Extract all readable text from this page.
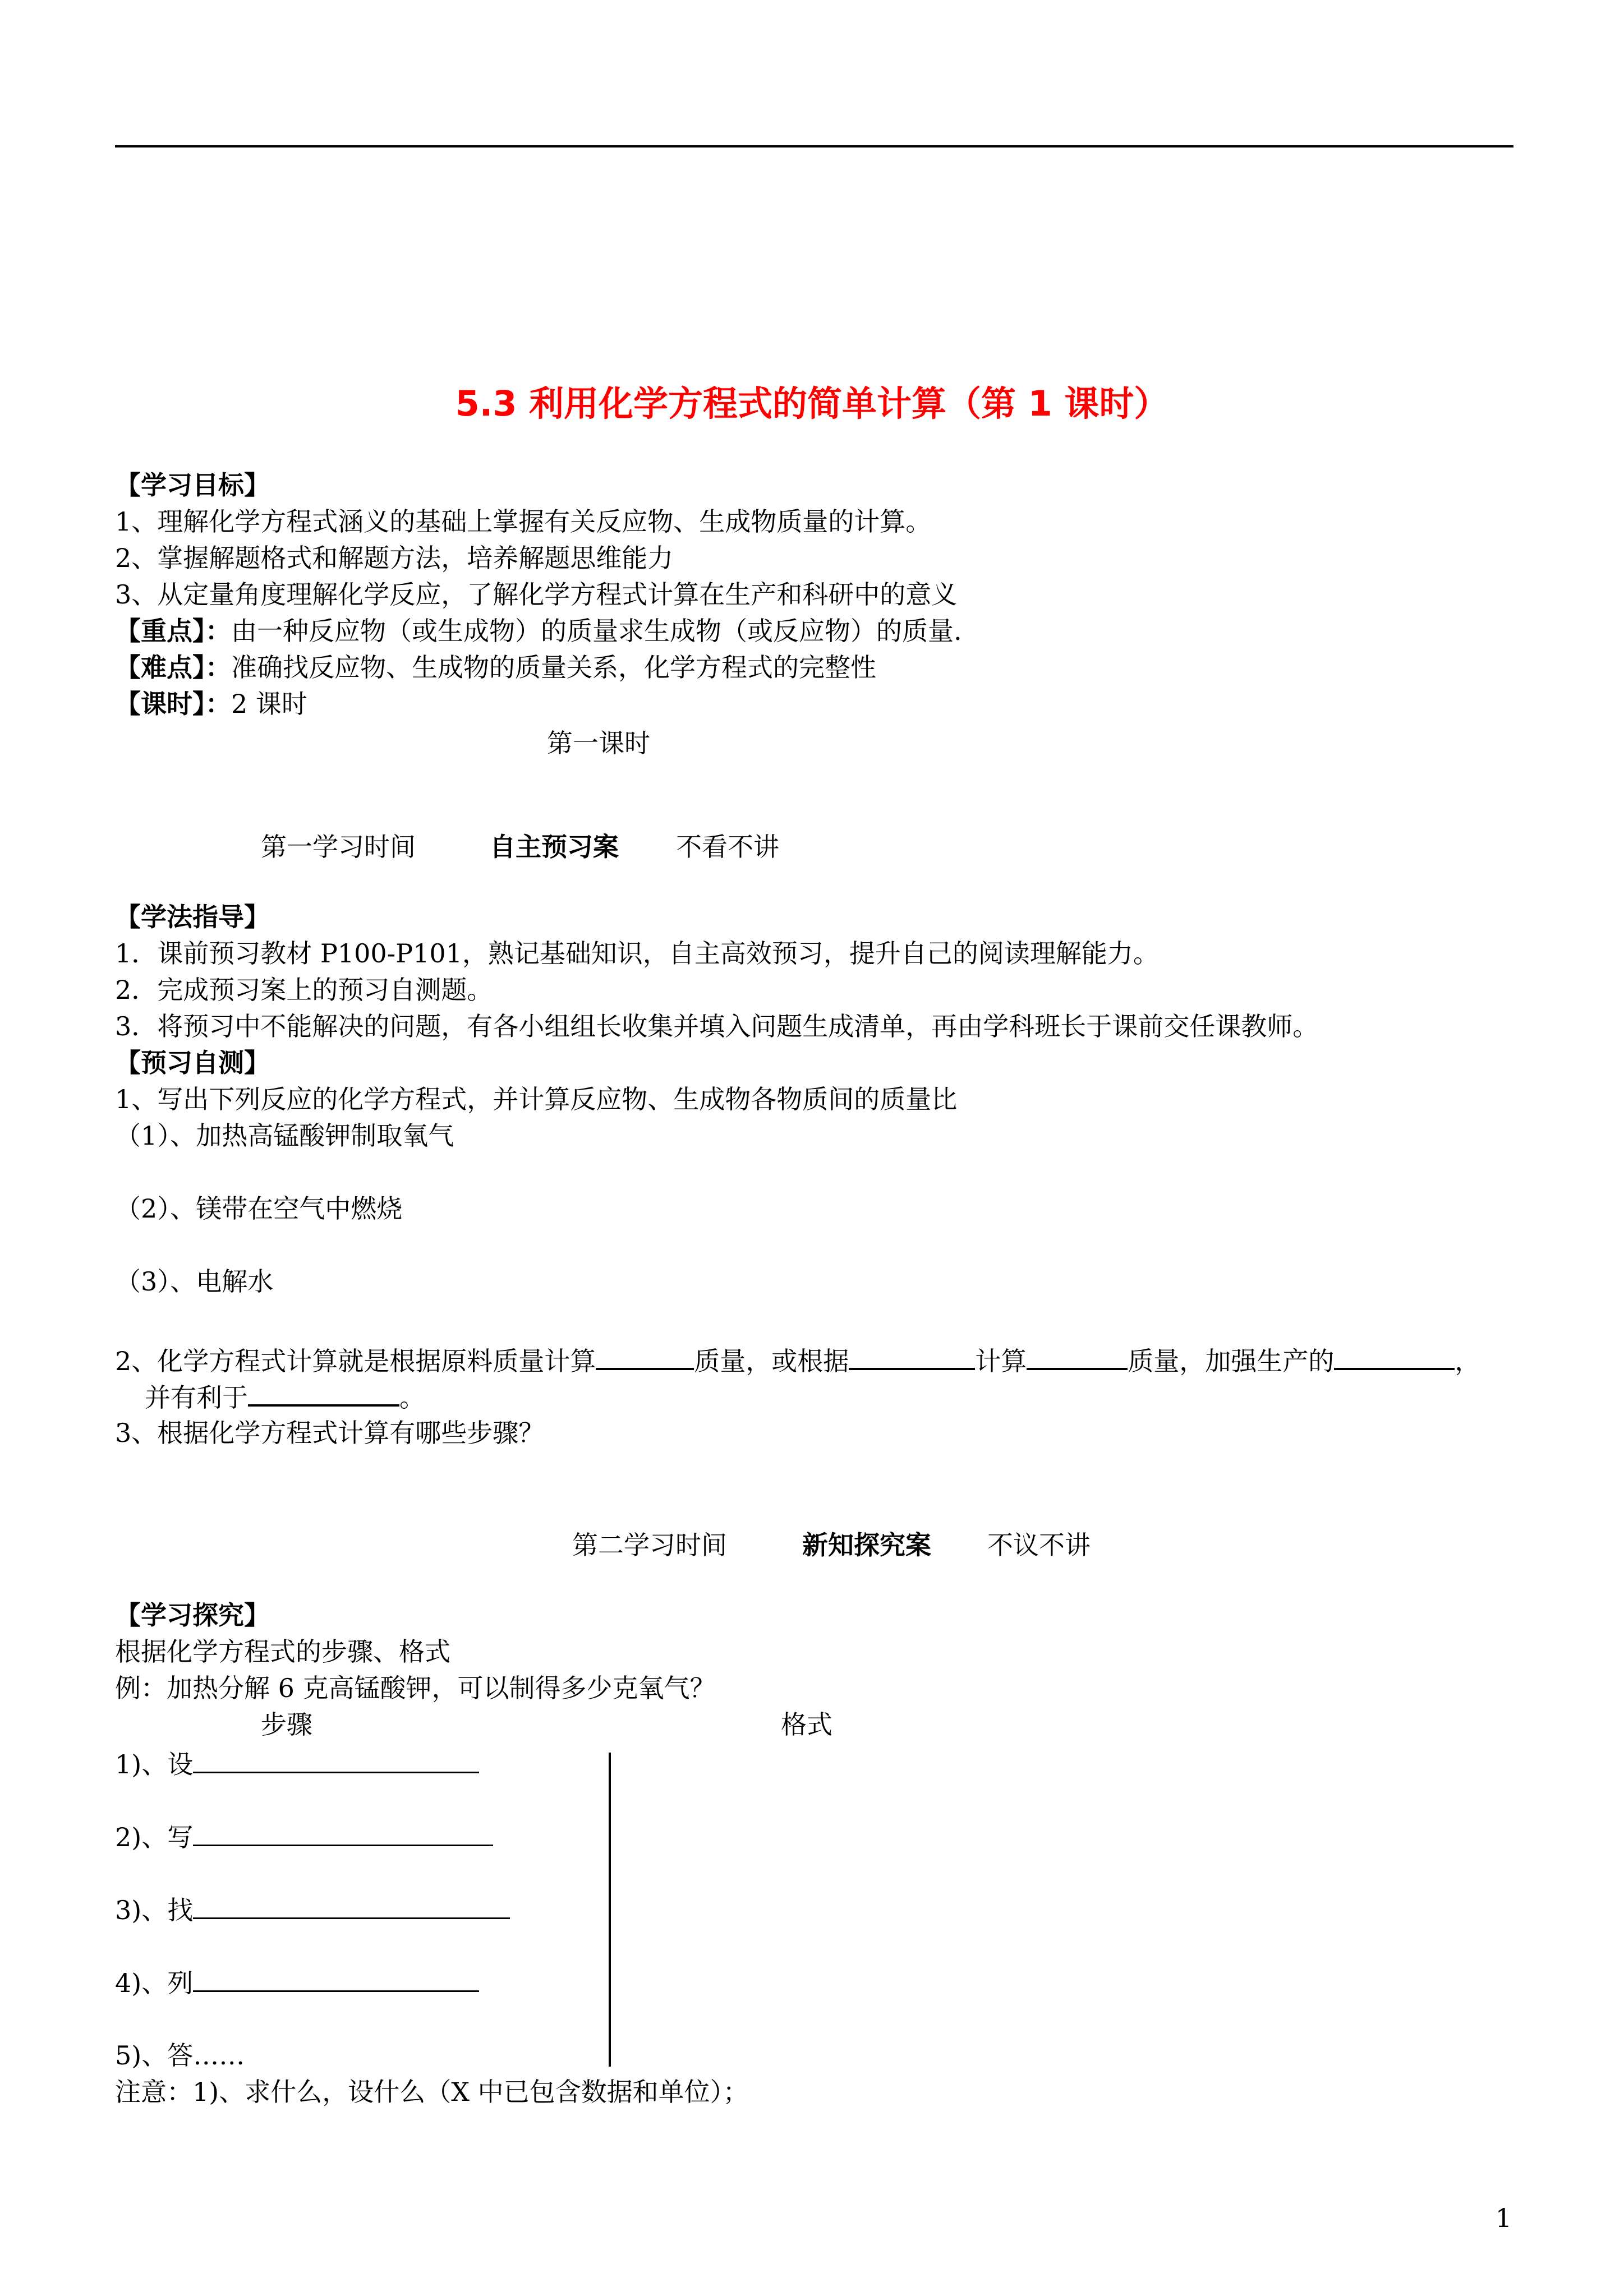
5.3 利用化学方程式的简单计算（第 1 课时）
【学习目标】
1、理解化学方程式涵义的基础上掌握有关反应物、生成物质量的计算。
2、掌握解题格式和解题方法，培养解题思维能力
3、从定量角度理解化学反应，了解化学方程式计算在生产和科研中的意义
【重点】：由一种反应物（或生成物）的质量求生成物（或反应物）的质量.
【难点】：准确找反应物、生成物的质量关系，化学方程式的完整性
【课时】：2 课时
第一课时
第一学习时间	自主预习案 不看不讲
【学法指导】
1．课前预习教材 P100-P101，熟记基础知识，自主高效预习，提升自己的阅读理解能力。
2．完成预习案上的预习自测题。
3．将预习中不能解决的问题，有各小组组长收集并填入问题生成清单，再由学科班长于课前交任课教师。
【预习自测】
1、写出下列反应的化学方程式，并计算反应物、生成物各物质间的质量比
（1）、加热高锰酸钾制取氧气
（2）、镁带在空气中燃烧
（3）、电解水
2、化学方程式计算就是根据原料质量计算	质量，或根据	计算	质量，加强生产的	，
并有利于	。
3、根据化学方程式计算有哪些步骤？
第二学习时间	新知探究案 不议不讲
【学习探究】
根据化学方程式的步骤、格式
例：加热分解 6 克高锰酸钾，可以制得多少克氧气？
步骤	格式
1)、设
2)、写
3)、找
4)、列
5)、答……
注意：1)、求什么，设什么（X 中已包含数据和单位）；
1
